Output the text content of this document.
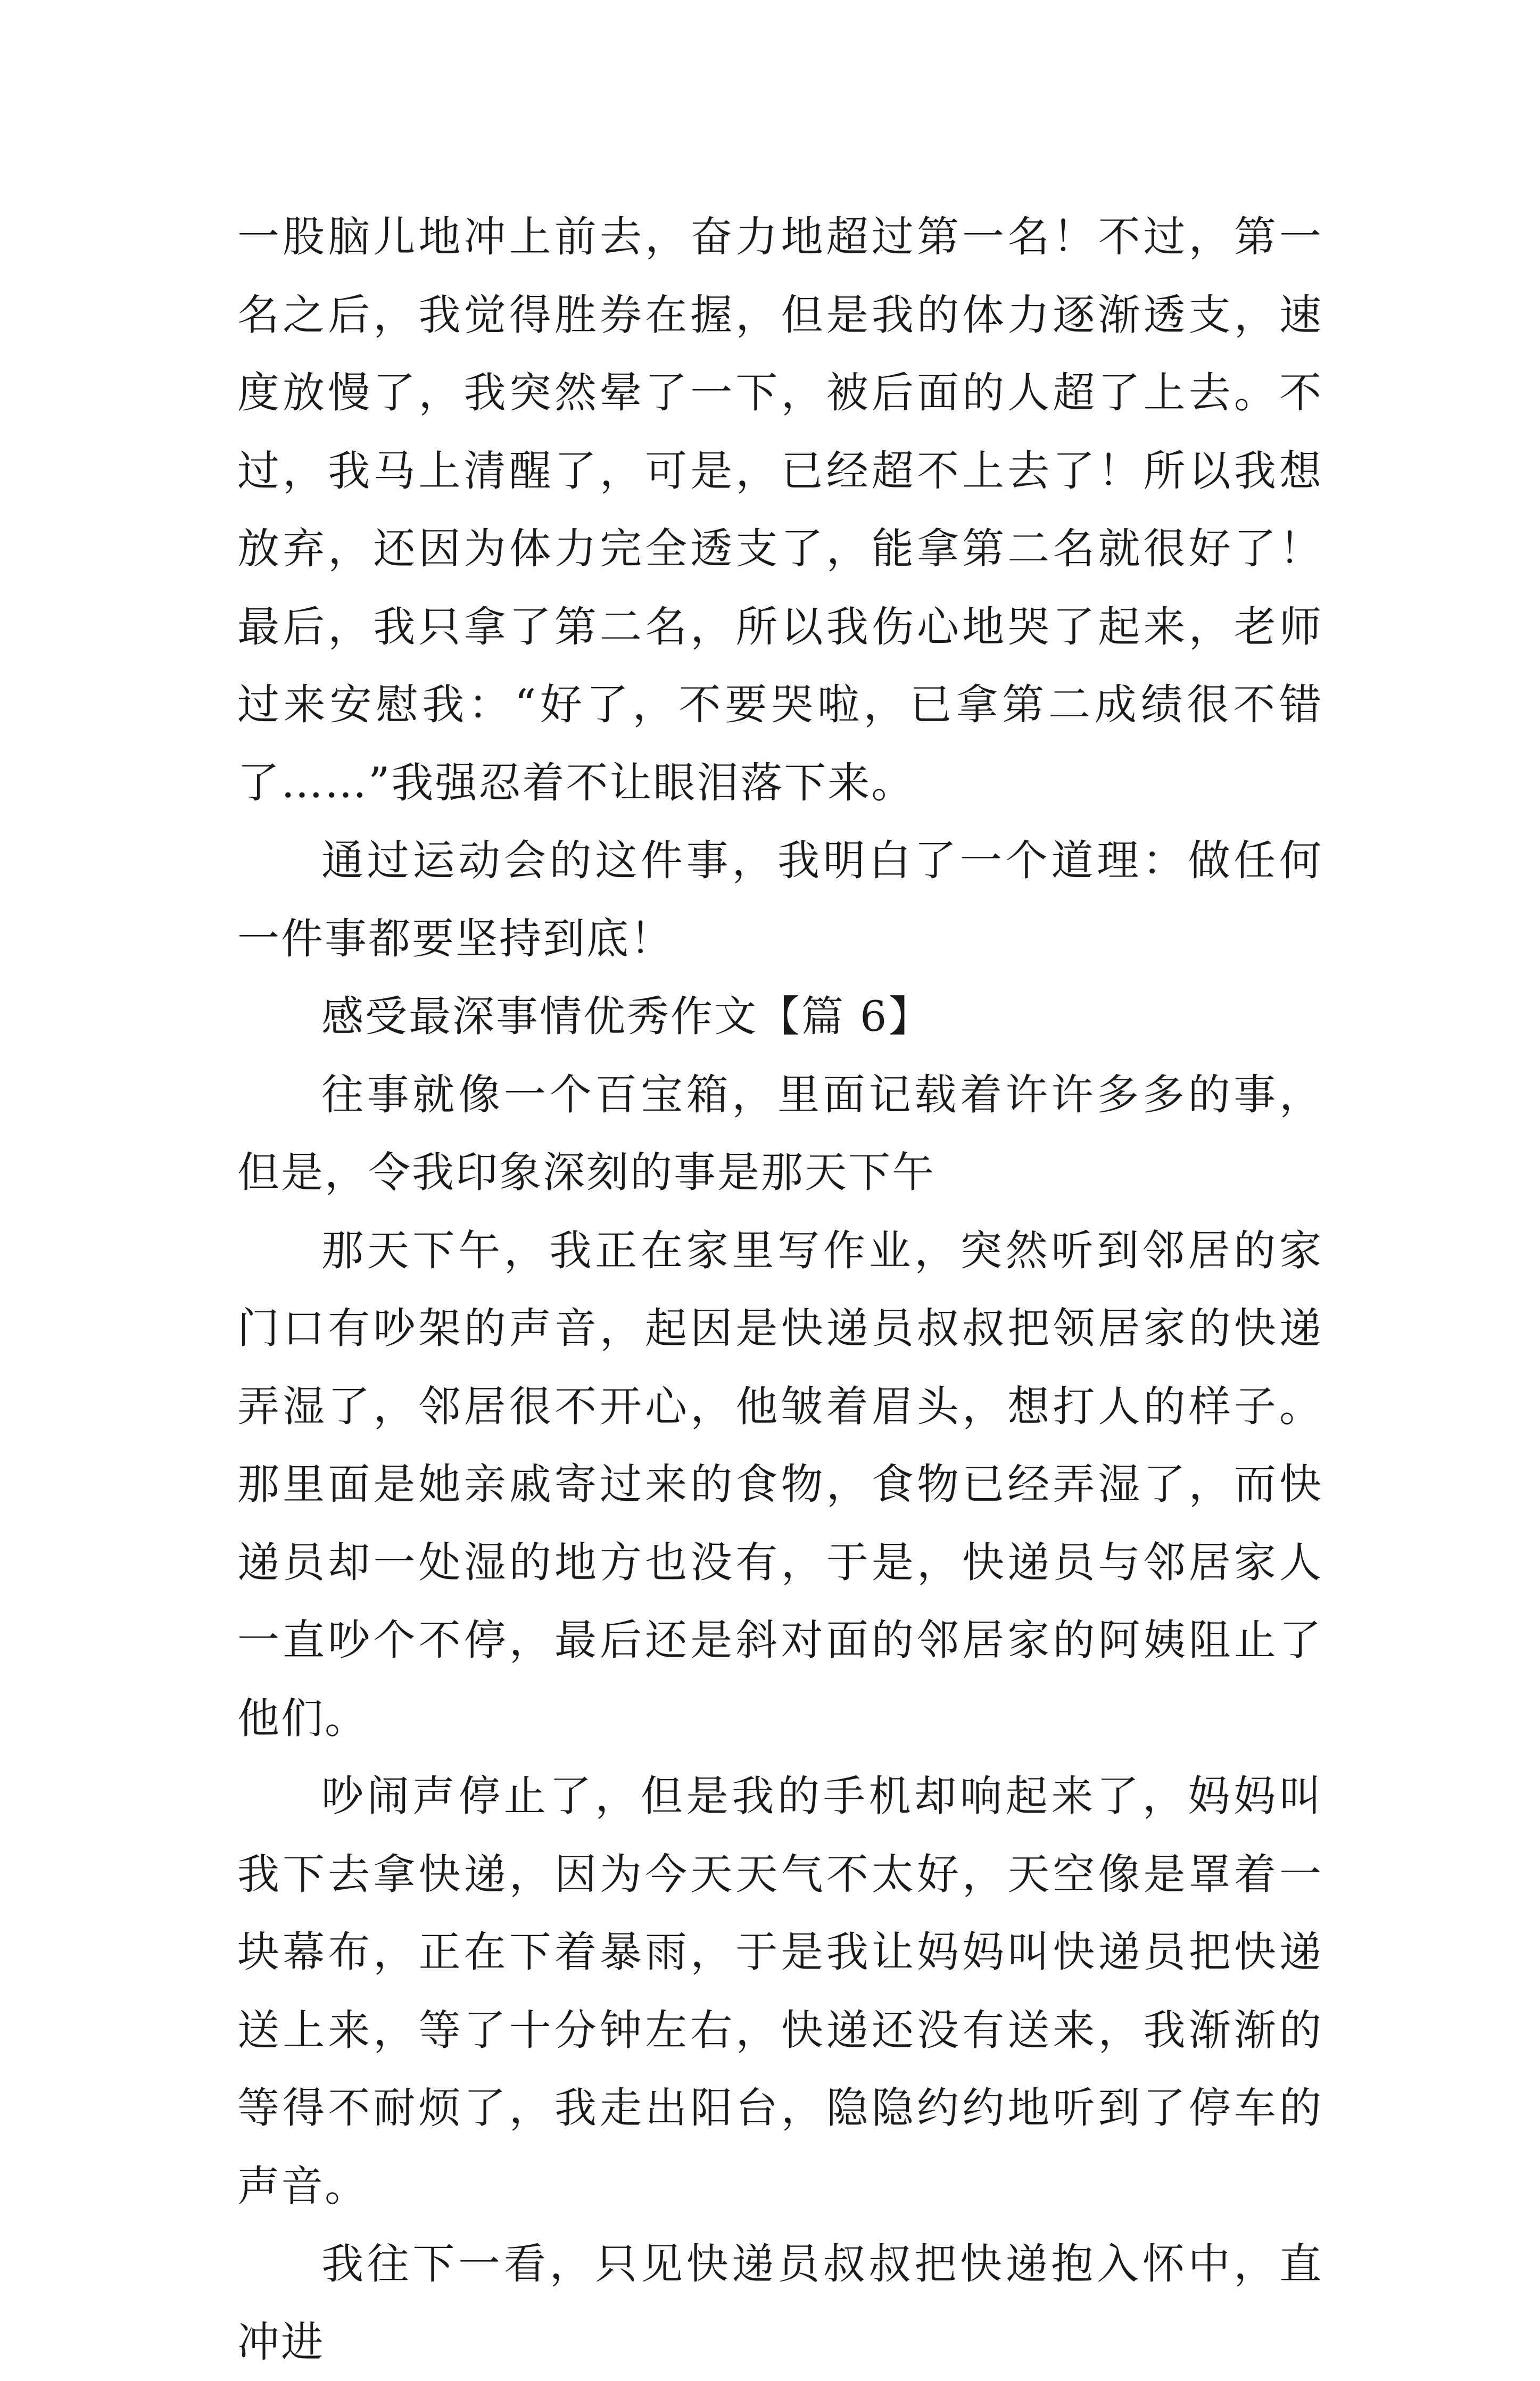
一股脑儿地冲上前去，奋力地超过第一名！不过，第一名之后，我觉得胜券在握，但是我的体力逐渐透支，速度放慢了，我突然晕了一下，被后面的人超了上去。不过，我马上清醒了，可是，已经超不上去了！所以我想放弃，还因为体力完全透支了，能拿第二名就很好了！最后，我只拿了第二名，所以我伤心地哭了起来，老师过来安慰我：“好了，不要哭啦，已拿第二成绩很不错了……”我强忍着不让眼泪落下来。

通过运动会的这件事，我明白了一个道理：做任何一件事都要坚持到底！

感受最深事情优秀作文【篇 6】

往事就像一个百宝箱，里面记载着许许多多的事，但是，令我印象深刻的事是那天下午

那天下午，我正在家里写作业，突然听到邻居的家门口有吵架的声音，起因是快递员叔叔把领居家的快递弄湿了，邻居很不开心，他皱着眉头，想打人的样子。那里面是她亲戚寄过来的食物，食物已经弄湿了，而快递员却一处湿的地方也没有，于是，快递员与邻居家人一直吵个不停，最后还是斜对面的邻居家的阿姨阻止了他们。

吵闹声停止了，但是我的手机却响起来了，妈妈叫我下去拿快递，因为今天天气不太好，天空像是罩着一块幕布，正在下着暴雨，于是我让妈妈叫快递员把快递送上来，等了十分钟左右，快递还没有送来，我渐渐的等得不耐烦了，我走出阳台，隐隐约约地听到了停车的声音。

我往下一看，只见快递员叔叔把快递抱入怀中，直冲进
